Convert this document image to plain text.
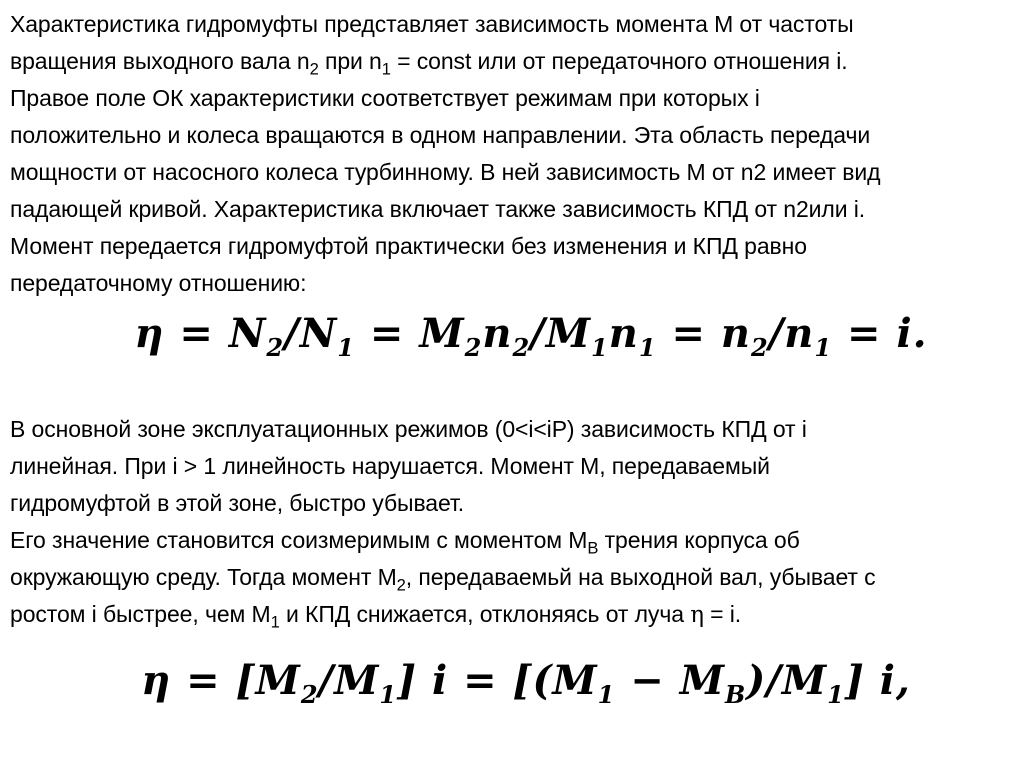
Характеристика гидромуфты представляет зависимость момента М от частоты
вращения выходного вала $n_2$ при $n_1$ = const или от передаточного отношения i.
Правое поле ОК характеристики соответствует режимам при которых i
положительно и колеса вращаются в одном направлении. Эта область передачи
мощности от насосного колеса турбинному. В ней зависимость М от n2 имеет вид
падающей кривой. Характеристика включает также зависимость КПД от n2или i.
Момент передается гидромуфтой практически без изменения и КПД равно
передаточному отношению:
$\eta = N_2/N_1 = M_2n_2/M_1n_1 = n_2/n_1 = i$.
В основной зоне эксплуатационных режимов (0<i<iP) зависимость КПД от i
линейная. При i > 1 линейность нарушается. Момент М, передаваемый
гидромуфтой в этой зоне, быстро убывает.
Его значение становится соизмеримым с моментом $М_В$ трения корпуса об
окружающую среду. Тогда момент $М_2$, передаваемьй на выходной вал, убывает с
ростом i быстрее, чем $М_1$ и КПД снижается, отклоняясь от луча η = i.
$\eta = [M_2/M_1] i = [(M_1 - M_В)/M_1]$ i,
